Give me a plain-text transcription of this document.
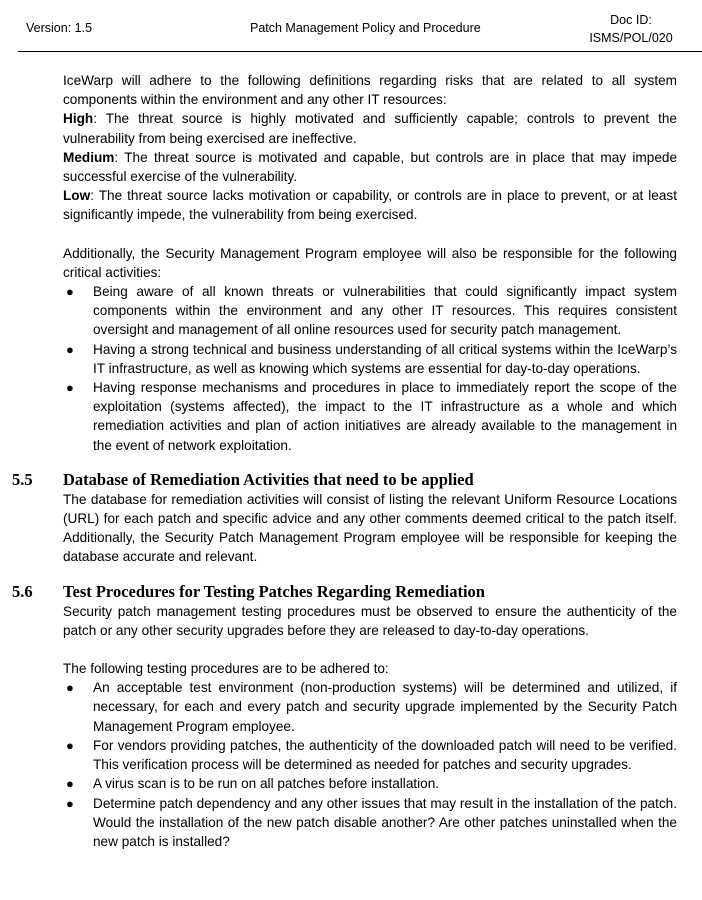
Version: 1.5	Patch Management Policy and Procedure
Doc ID:
ISMS/POL/020

IceWarp will adhere to the following definitions regarding risks that are related to all system components within the environment and any other IT resources:

High: The threat source is highly motivated and sufficiently capable; controls to prevent the vulnerability from being exercised are ineffective.

Medium: The threat source is motivated and capable, but controls are in place that may impede successful exercise of the vulnerability.

Low: The threat source lacks motivation or capability, or controls are in place to prevent, or at least significantly impede, the vulnerability from being exercised.

Additionally, the Security Management Program employee will also be responsible for the following critical activities:

● Being aware of all known threats or vulnerabilities that could significantly impact system components within the environment and any other IT resources. This requires consistent oversight and management of all online resources used for security patch management.
● Having a strong technical and business understanding of all critical systems within the IceWarp’s IT infrastructure, as well as knowing which systems are essential for day-to-day operations.
● Having response mechanisms and procedures in place to immediately report the scope of the exploitation (systems affected), the impact to the IT infrastructure as a whole and which remediation activities and plan of action initiatives are already available to the management in the event of network exploitation.
5.5 Database of Remediation Activities that need to be applied

The database for remediation activities will consist of listing the relevant Uniform Resource Locations (URL) for each patch and specific advice and any other comments deemed critical to the patch itself. Additionally, the Security Patch Management Program employee will be responsible for keeping the database accurate and relevant.

5.6 Test Procedures for Testing Patches Regarding Remediation

Security patch management testing procedures must be observed to ensure the authenticity of the patch or any other security upgrades before they are released to day-to-day operations.

The following testing procedures are to be adhered to:

● An acceptable test environment (non-production systems) will be determined and utilized, if necessary, for each and every patch and security upgrade implemented by the Security Patch Management Program employee.
● For vendors providing patches, the authenticity of the downloaded patch will need to be verified. This verification process will be determined as needed for patches and security upgrades.
● A virus scan is to be run on all patches before installation.
● Determine patch dependency and any other issues that may result in the installation of the patch. Would the installation of the new patch disable another? Are other patches uninstalled when the new patch is installed?
